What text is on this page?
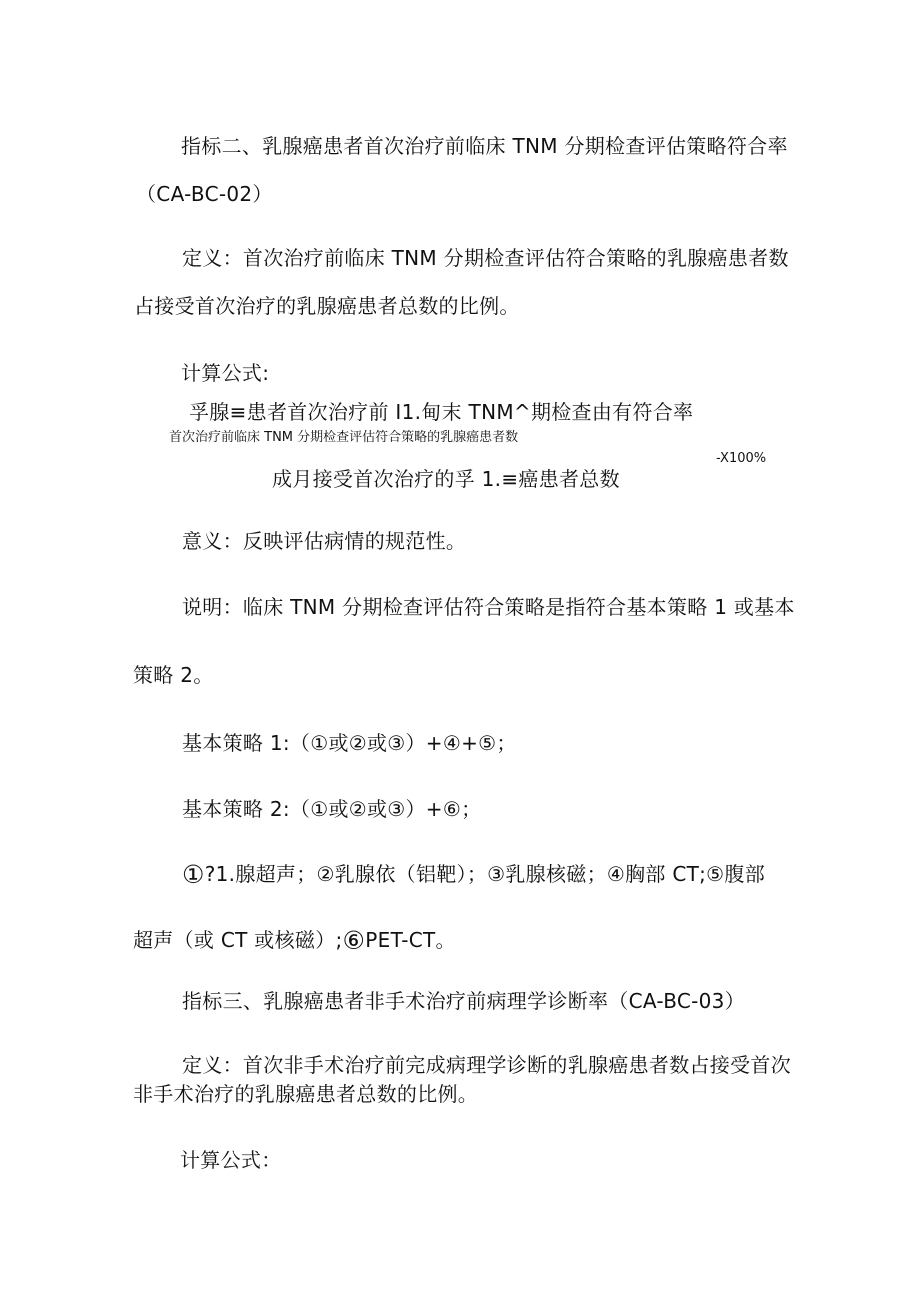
指标二、乳腺癌患者首次治疗前临床 TNM 分期检查评估策略符合率
（CA-BC-02）
定义：首次治疗前临床 TNM 分期检查评估符合策略的乳腺癌患者数
占接受首次治疗的乳腺癌患者总数的比例。
计算公式:
孚腺≡患者首次治疗前 I1.甸末 TNM^期检查由有符合率
首次治疗前临床 TNM 分期检查评估符合策略的乳腺癌患者数
-X100%
成月接受首次治疗的孚 1.≡癌患者总数
意义：反映评估病情的规范性。
说明：临床 TNM 分期检查评估符合策略是指符合基本策略 1 或基本
策略 2。
基本策略 1:（①或②或③）+④+⑤；
基本策略 2:（①或②或③）+⑥；
①?1.腺超声；②乳腺依（铝靶）；③乳腺核磁；④胸部 CT;⑤腹部
超声（或 CT 或核磁）;⑥PET-CT。
指标三、乳腺癌患者非手术治疗前病理学诊断率（CA-BC-03）
定义：首次非手术治疗前完成病理学诊断的乳腺癌患者数占接受首次
非手术治疗的乳腺癌患者总数的比例。
计算公式：
